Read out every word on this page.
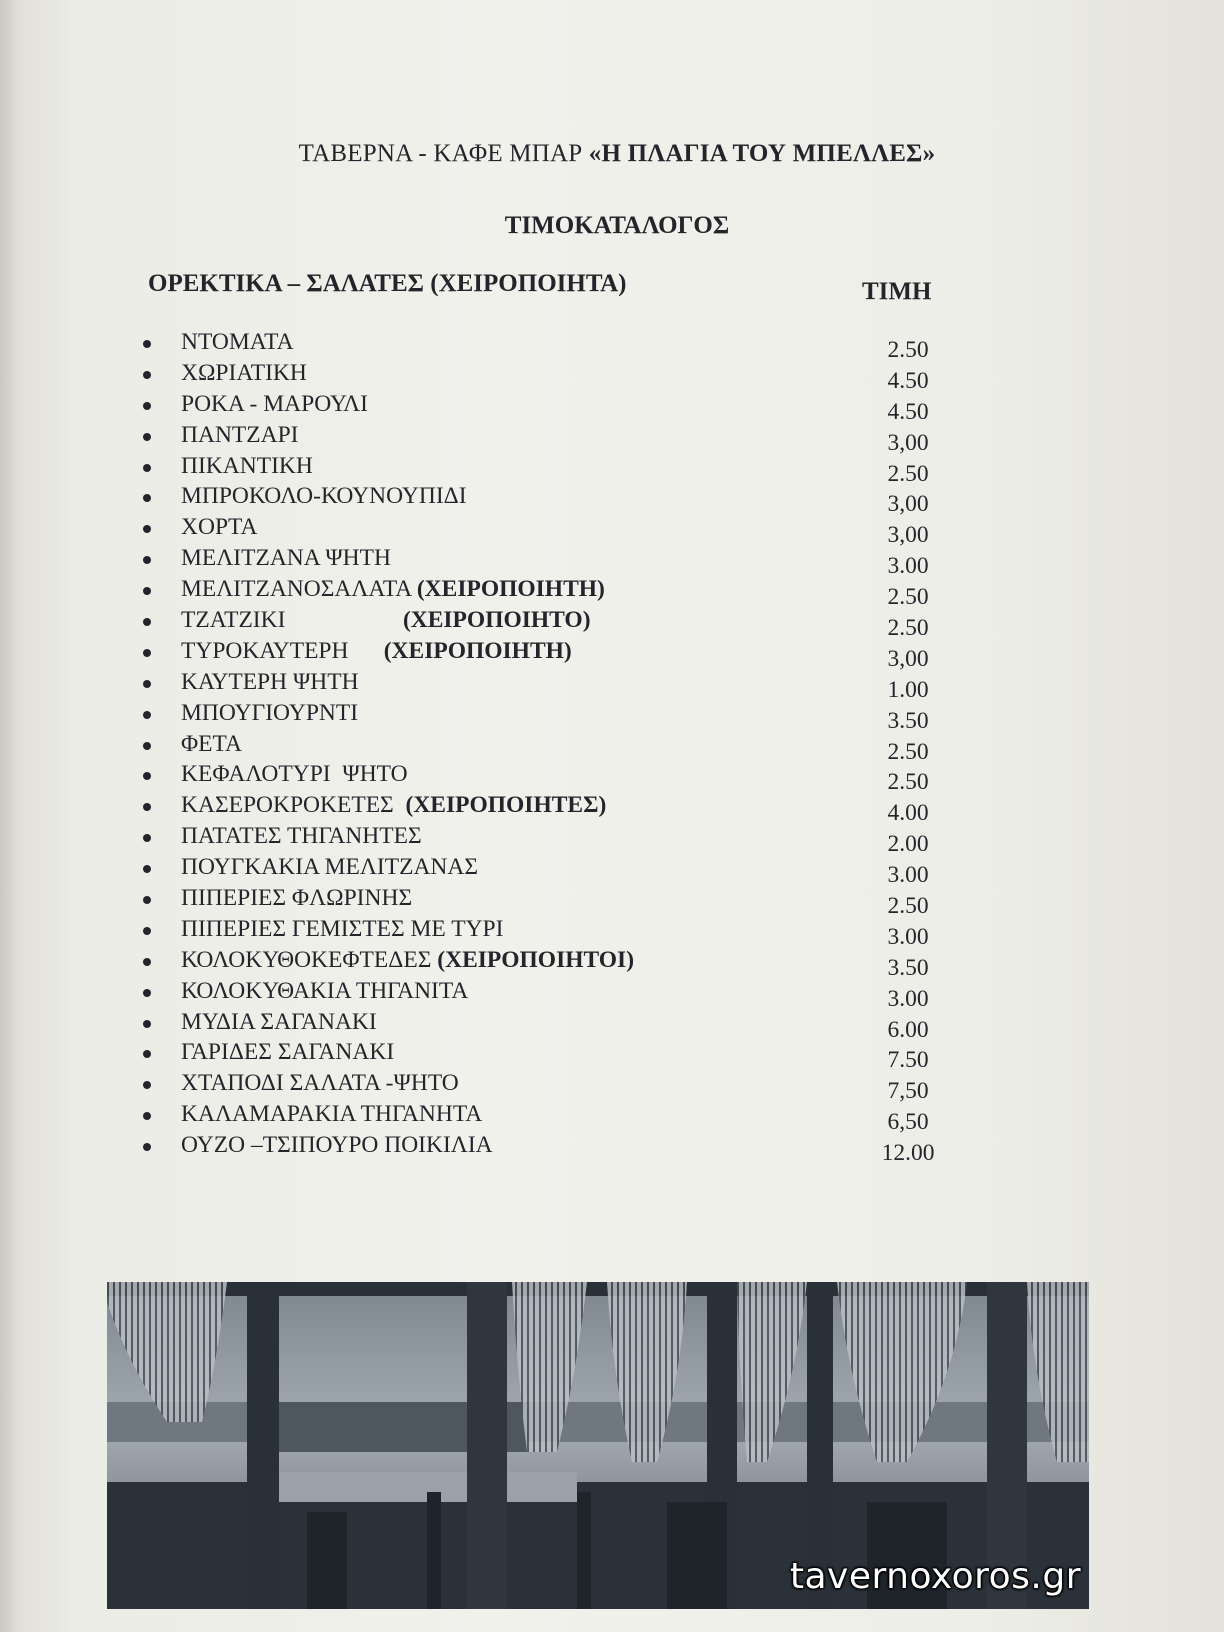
ΤΑΒΕΡΝΑ - ΚΑΦΕ ΜΠΑΡ «Η ΠΛΑΓΙΑ ΤΟΥ ΜΠΕΛΛΕΣ»
ΤΙΜΟΚΑΤΑΛΟΓΟΣ
ΟΡΕΚΤΙΚΑ – ΣΑΛΑΤΕΣ (ΧΕΙΡΟΠΟΙΗΤΑ)	ΤΙΜΗ
ΝΤΟΜΑΤΑ	2.50
ΧΩΡΙΑΤΙΚΗ	4.50
ΡΟΚΑ - ΜΑΡΟΥΛΙ	4.50
ΠΑΝΤΖΑΡΙ	3,00
ΠΙΚΑΝΤΙΚΗ	2.50
ΜΠΡΟΚΟΛΟ-ΚΟΥΝΟΥΠΙΔΙ	3,00
ΧΟΡΤΑ	3,00
ΜΕΛΙΤΖΑΝΑ ΨΗΤΗ	3.00
ΜΕΛΙΤΖΑΝΟΣΑΛΑΤΑ (ΧΕΙΡΟΠΟΙΗΤΗ)	2.50
ΤΖΑΤΖΙΚΙ                    (ΧΕΙΡΟΠΟΙΗΤΟ)	2.50
ΤΥΡΟΚΑΥΤΕΡΗ      (ΧΕΙΡΟΠΟΙΗΤΗ)	3,00
ΚΑΥΤΕΡΗ ΨΗΤΗ	1.00
ΜΠΟΥΓΙΟΥΡΝΤΙ	3.50
ΦΕΤΑ	2.50
ΚΕΦΑΛΟΤΥΡΙ  ΨΗΤΟ	2.50
ΚΑΣΕΡΟΚΡΟΚΕΤΕΣ  (ΧΕΙΡΟΠΟΙΗΤΕΣ)	4.00
ΠΑΤΑΤΕΣ ΤΗΓΑΝΗΤΕΣ	2.00
ΠΟΥΓΚΑΚΙΑ ΜΕΛΙΤΖΑΝΑΣ	3.00
ΠΙΠΕΡΙΕΣ ΦΛΩΡΙΝΗΣ	2.50
ΠΙΠΕΡΙΕΣ ΓΕΜΙΣΤΕΣ ΜΕ ΤΥΡΙ	3.00
ΚΟΛΟΚΥΘΟΚΕΦΤΕΔΕΣ (ΧΕΙΡΟΠΟΙΗΤΟΙ)	3.50
ΚΟΛΟΚΥΘΑΚΙΑ ΤΗΓΑΝΙΤΑ	3.00
ΜΥΔΙΑ ΣΑΓΑΝΑΚΙ	6.00
ΓΑΡΙΔΕΣ ΣΑΓΑΝΑΚΙ	7.50
ΧΤΑΠΟΔΙ ΣΑΛΑΤΑ -ΨΗΤΟ	7,50
ΚΑΛΑΜΑΡΑΚΙΑ ΤΗΓΑΝΗΤΑ	6,50
ΟΥΖΟ –ΤΣΙΠΟΥΡΟ ΠΟΙΚΙΛΙΑ	12.00
tavernoxoros.gr
